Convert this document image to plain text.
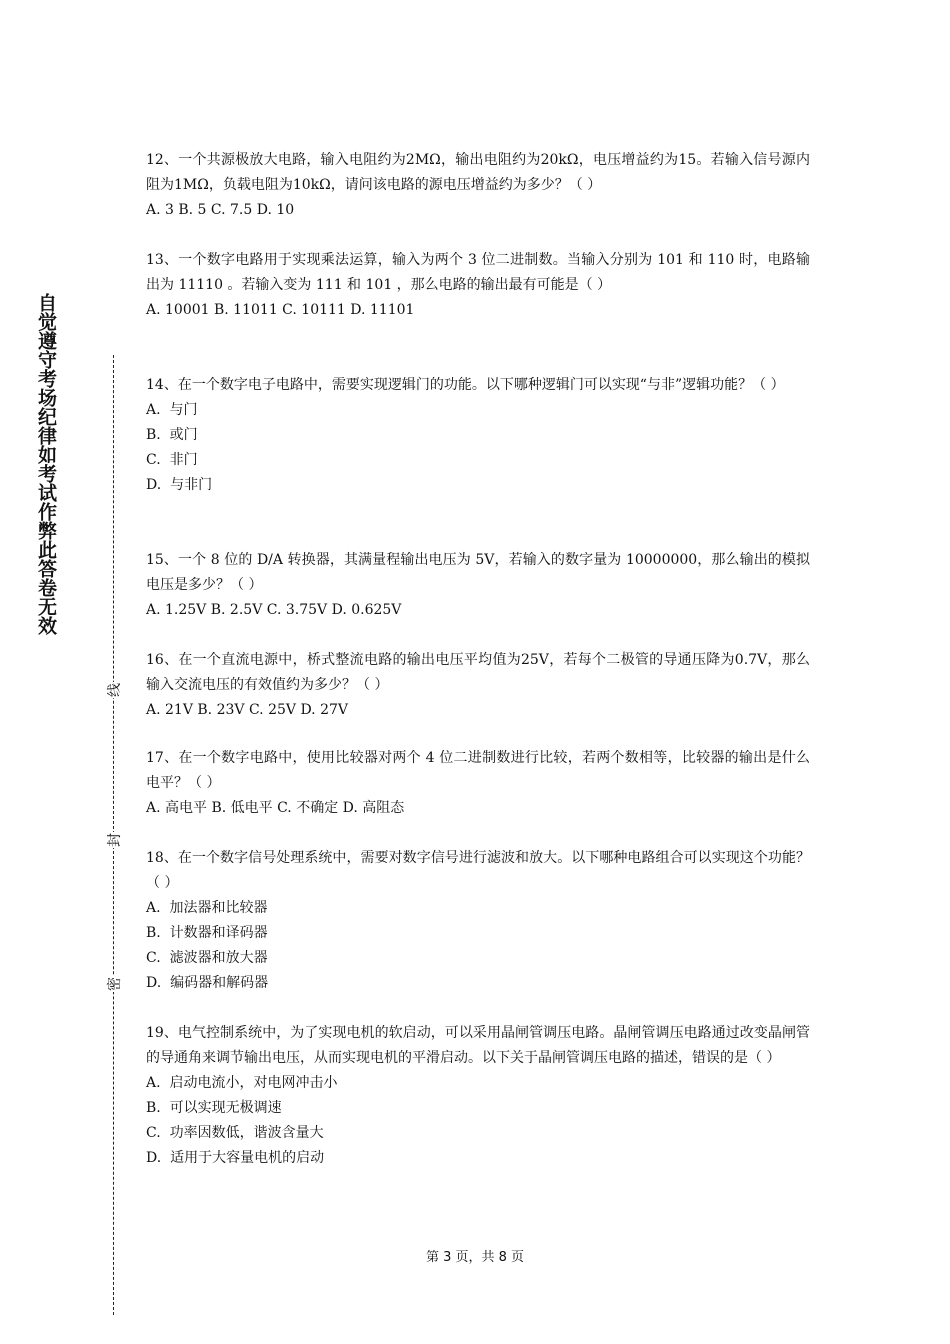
自觉遵守考场纪律如考试作弊此答卷无效
线
封
密

12、一个共源极放大电路，输入电阻约为2MΩ，输出电阻约为20kΩ，电压增益约为15。若输入信号源内阻为1MΩ，负载电阻为10kΩ，请问该电路的源电压增益约为多少？（ ）

A. 3 B. 5 C. 7.5 D. 10

13、一个数字电路用于实现乘法运算，输入为两个 3 位二进制数。当输入分别为 101 和 110 时，电路输出为 11110 。若输入变为 111 和 101 ，那么电路的输出最有可能是（ ）

A. 10001 B. 11011 C. 10111 D. 11101

14、在一个数字电子电路中，需要实现逻辑门的功能。以下哪种逻辑门可以实现“与非”逻辑功能？（ ）

A.  与门
B.  或门
C.  非门
D.  与非门

15、一个 8 位的 D/A 转换器，其满量程输出电压为 5V，若输入的数字量为 10000000，那么输出的模拟电压是多少？（ ）

A. 1.25V B. 2.5V C. 3.75V D. 0.625V

16、在一个直流电源中，桥式整流电路的输出电压平均值为25V，若每个二极管的导通压降为0.7V，那么输入交流电压的有效值约为多少？（ ）

A. 21V B. 23V C. 25V D. 27V

17、在一个数字电路中，使用比较器对两个 4 位二进制数进行比较，若两个数相等，比较器的输出是什么电平？（ ）

A. 高电平 B. 低电平 C. 不确定 D. 高阻态

18、在一个数字信号处理系统中，需要对数字信号进行滤波和放大。以下哪种电路组合可以实现这个功能？（ ）

A.  加法器和比较器
B.  计数器和译码器
C.  滤波器和放大器
D.  编码器和解码器

19、电气控制系统中，为了实现电机的软启动，可以采用晶闸管调压电路。晶闸管调压电路通过改变晶闸管的导通角来调节输出电压，从而实现电机的平滑启动。以下关于晶闸管调压电路的描述，错误的是（ ）

A.  启动电流小，对电网冲击小
B.  可以实现无极调速
C.  功率因数低，谐波含量大
D.  适用于大容量电机的启动
第 3 页，共 8 页
